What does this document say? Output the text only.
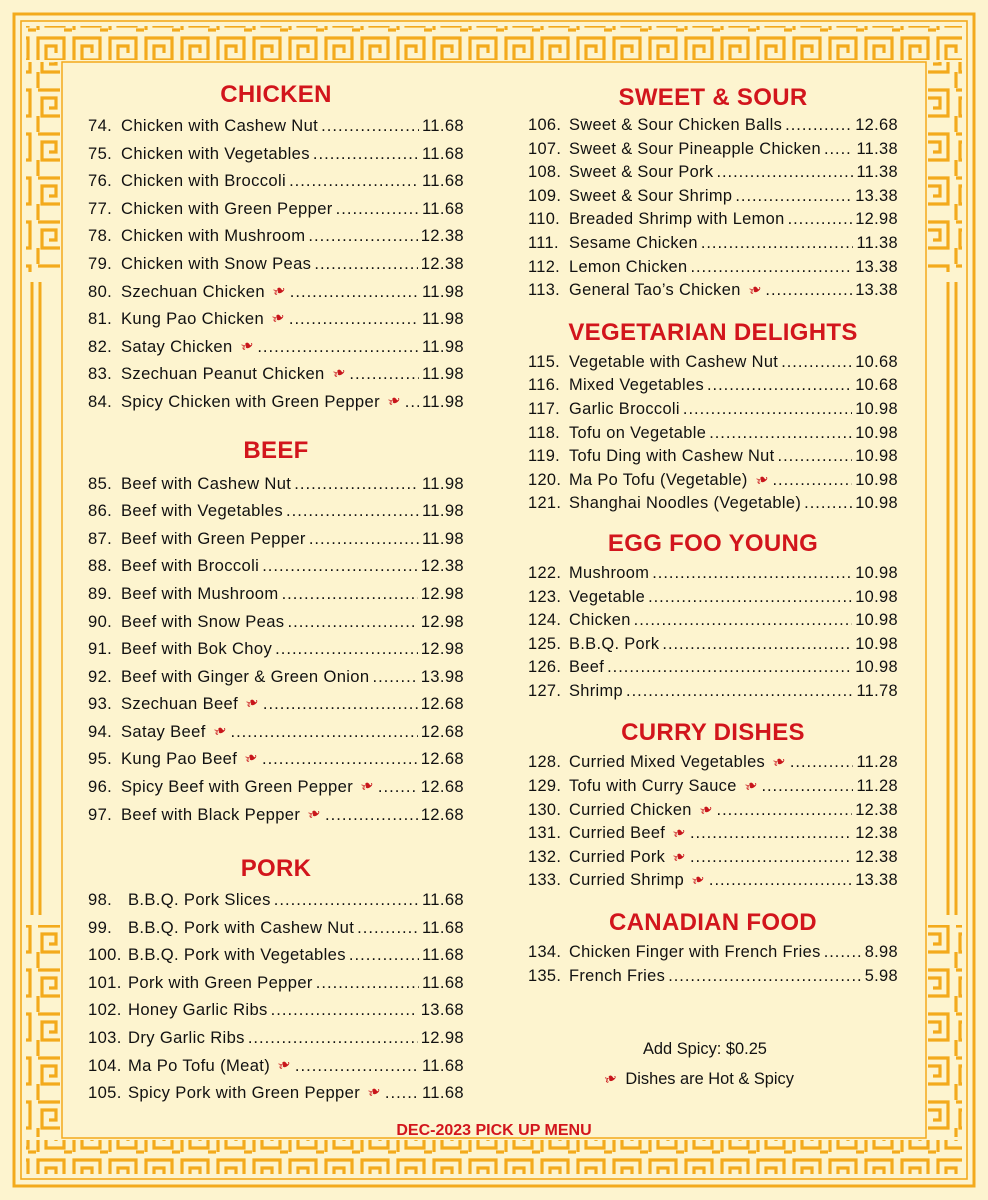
CHICKEN
74. Chicken with Cashew Nut .....	11.68
75. Chicken with Vegetables .....	11.68
76. Chicken with Broccoli .....	11.68
77. Chicken with Green Pepper .....	11.68
78. Chicken with Mushroom .....	12.38
79. Chicken with Snow Peas .....	12.38
80. Szechuan Chicken ❧ .....	11.98
81. Kung Pao Chicken ❧ .....	11.98
82. Satay Chicken ❧ .....	11.98
83. Szechuan Peanut Chicken ❧ .....	11.98
84. Spicy Chicken with Green Pepper ❧ ..... 11.98
BEEF
85. Beef with Cashew Nut .....	11.98
86. Beef with Vegetables .....	11.98
87. Beef with Green Pepper .....	11.98
88. Beef with Broccoli .....	12.38
89. Beef with Mushroom .....	12.98
90. Beef with Snow Peas .....	12.98
91. Beef with Bok Choy .....	12.98
92. Beef with Ginger & Green Onion .....	13.98
93. Szechuan Beef ❧ .....	12.68
94. Satay Beef ❧ .....	12.68
95. Kung Pao Beef ❧ .....	12.68
96. Spicy Beef with Green Pepper ❧ .....	12.68
97. Beef with Black Pepper ❧ .....	12.68
PORK
98. B.B.Q. Pork Slices .....	11.68
99. B.B.Q. Pork with Cashew Nut .....	11.68
100. B.B.Q. Pork with Vegetables .....	11.68
101. Pork with Green Pepper .....	11.68
102. Honey Garlic Ribs .....	13.68
103. Dry Garlic Ribs .....	12.98
104. Ma Po Tofu (Meat) ❧ .....	11.68
105. Spicy Pork with Green Pepper ❧ ..... 11.68
SWEET & SOUR
106. Sweet & Sour Chicken Balls .....	12.68
107. Sweet & Sour Pineapple Chicken ..... 11.38
108. Sweet & Sour Pork .....	11.38
109. Sweet & Sour Shrimp .....	13.38
110. Breaded Shrimp with Lemon .....	12.98
111. Sesame Chicken .....	11.38
112. Lemon Chicken .....	13.38
113. General Tao’s Chicken ❧ .....	13.38
VEGETARIAN DELIGHTS
115. Vegetable with Cashew Nut .....	10.68
116. Mixed Vegetables .....	10.68
117. Garlic Broccoli .....	10.98
118. Tofu on Vegetable .....	10.98
119. Tofu Ding with Cashew Nut .....	10.98
120. Ma Po Tofu (Vegetable) ❧ .....	10.98
121. Shanghai Noodles (Vegetable) .....	10.98
EGG FOO YOUNG
122. Mushroom .....	10.98
123. Vegetable .....	10.98
124. Chicken .....	10.98
125. B.B.Q. Pork .....	10.98
126. Beef .....	10.98
127. Shrimp .....	11.78
CURRY DISHES
128. Curried Mixed Vegetables ❧ .....	11.28
129. Tofu with Curry Sauce ❧ .....	11.28
130. Curried Chicken ❧ .....	12.38
131. Curried Beef ❧ .....	12.38
132. Curried Pork ❧ .....	12.38
133. Curried Shrimp ❧ .....	13.38
CANADIAN FOOD
134. Chicken Finger with French Fries .....	8.98
135. French Fries .....	5.98
Add Spicy: $0.25
❧ Dishes are Hot & Spicy
DEC-2023 PICK UP MENU
